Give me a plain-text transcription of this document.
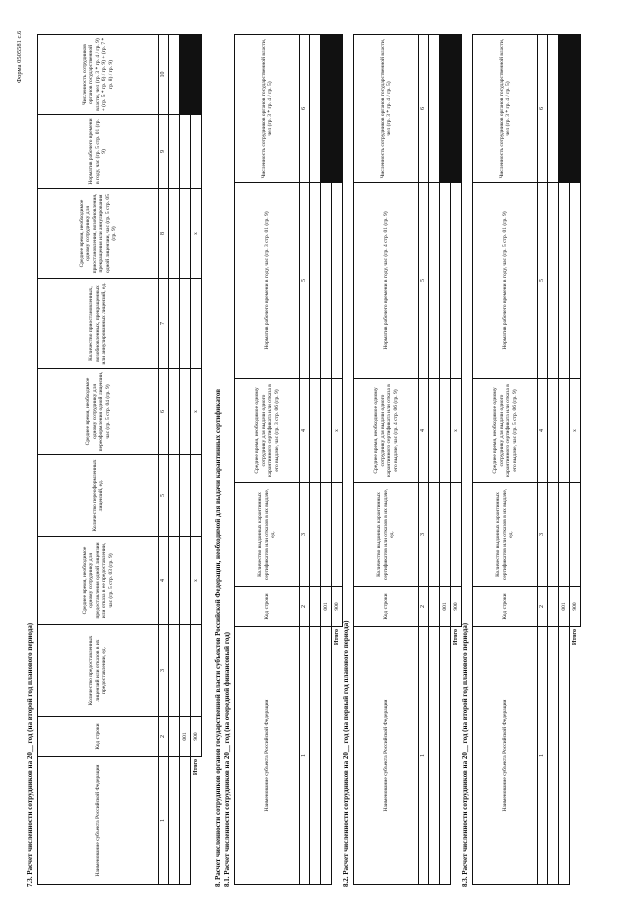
Форма 0505581 с.6
7.3. Расчет численности сотрудников на 20__ год (на второй год планового периода)	Наименование субъекта Российской Федерации	Код строки	Количество предоставленных лицензий или отказов в их предоставлении, ед.	Среднее время, необходимое одному сотруднику для предоставления одной лицензии или отказа в ее предоставлении, час (гр. 5 стр. 03 (гр. 9)	Количество переоформленных лицензий, ед.	Среднее время, необходимое одному сотруднику для переоформления одной лицензии, час (гр. 5 стр. 04 (гр. 9)	Количество приостановленных, возобновленных, прекращенных или аннулированных лицензий, ед.	Среднее время, необходимое одному сотруднику для приостановления, возобновления, прекращения или аннулирования одной лицензии, час (гр. 5 стр. 05 (гр. 9)	Норматив рабочего времени в году, час (гр. 5 стр. 01 (гр. 9)	Численность сотрудников органов государственной власти, чел (гр. 3 * гр. 4 / гр. 9) + (гр. 5 * гр. 6) / гр. 9) + (гр. 7 * гр. 8) / гр. 9)
1	2	3	4	5	6	7	8	9	10

	001								
Итого	900		x		x		x		
8. Расчет численности сотрудников органов государственной власти субъектов Российской Федерации, необходимой для выдачи карантинных сертификатов 8.1. Расчет численности сотрудников на 20__ год (на очередной финансовый год)	Наименование субъекта Российской Федерации	Код строки	Количество выданных карантинных сертификатов или отказов в их выдаче, ед.	Среднее время, необходимое одному сотруднику для выдачи одного карантинного сертификата или отказа в его выдаче, час (гр. 3 стр. 06 (гр. 9)	Норматив рабочего времени в году, час (гр. 3 стр. 01 (гр. 9)	Численность сотрудников органов государственной власти, чел (гр. 3 * гр. 4 / гр. 5)
1	2	3	4	5	6

	001				
Итого	900		x		
8.2. Расчет численности сотрудников на 20__ год (на первый год планового периода)	Наименование субъекта Российской Федерации	Код строки	Количество выданных карантинных сертификатов или отказов в их выдаче, ед.	Среднее время, необходимое одному сотруднику для выдачи одного карантинного сертификата или отказа в его выдаче, час (гр. 4 стр. 06 (гр. 9)	Норматив рабочего времени в году, час (гр. 4 стр. 01 (гр. 9)	Численность сотрудников органов государственной власти, чел (гр. 3 * гр. 4 / гр. 5)
1	2	3	4	5	6

	001				
Итого	900		x		
8.3. Расчет численности сотрудников на 20__ год (на второй год планового периода)	Наименование субъекта Российской Федерации	Код строки	Количество выданных карантинных сертификатов или отказов в их выдаче, ед.	Среднее время, необходимое одному сотруднику для выдачи одного карантинного сертификата или отказа в его выдаче, час (гр. 5 стр. 06 (гр. 9)	Норматив рабочего времени в году, час (гр. 5 стр. 01 (гр. 9)	Численность сотрудников органов государственной власти, чел (гр. 3 * гр. 4 / гр. 5)
1	2	3	4	5	6

	001				
Итого	900		x		
